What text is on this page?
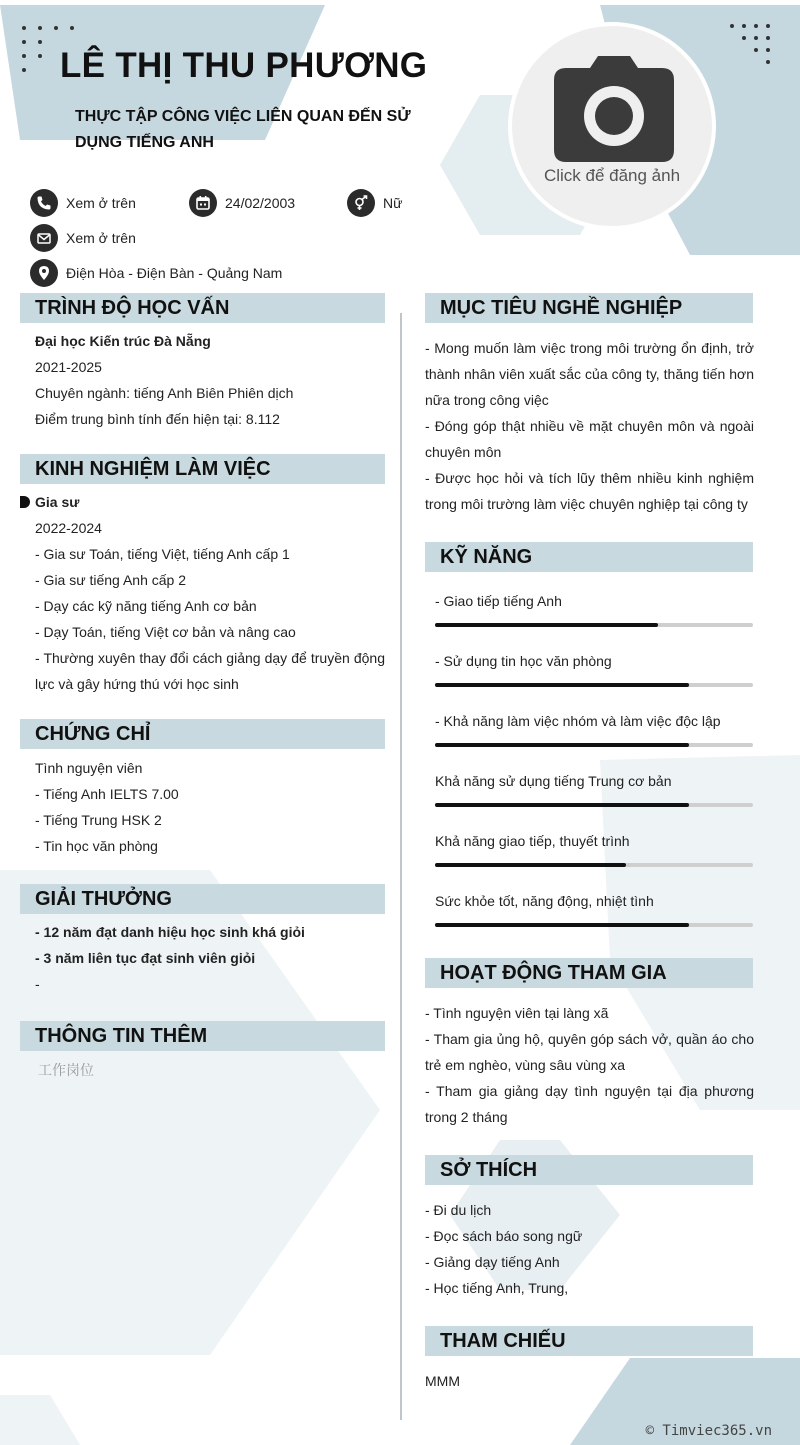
LÊ THỊ THU PHƯƠNG
THỰC TẬP CÔNG VIỆC LIÊN QUAN ĐẾN SỬ DỤNG TIẾNG ANH
Click để đăng ảnh
Xem ở trên	24/02/2003	Nữ
Xem ở trên
Điện Hòa - Điện Bàn - Quảng Nam
TRÌNH ĐỘ HỌC VẤN
Đại học Kiến trúc Đà Nẵng
2021-2025
Chuyên ngành: tiếng Anh Biên Phiên dịch
Điểm trung bình tính đến hiện tại: 8.112
KINH NGHIỆM LÀM VIỆC
Gia sư
2022-2024
- Gia sư Toán, tiếng Việt, tiếng Anh cấp 1
- Gia sư tiếng Anh cấp 2
- Dạy các kỹ năng tiếng Anh cơ bản
- Dạy Toán, tiếng Việt cơ bản và nâng cao
- Thường xuyên thay đổi cách giảng dạy để truyền động lực và gây hứng thú với học sinh
CHỨNG CHỈ
Tình nguyện viên
- Tiếng Anh IELTS 7.00
- Tiếng Trung HSK 2
- Tin học văn phòng
GIẢI THƯỞNG
- 12 năm đạt danh hiệu học sinh khá giỏi
- 3 năm liên tục đạt sinh viên giỏi
-
THÔNG TIN THÊM
工作岗位
MỤC TIÊU NGHỀ NGHIỆP
- Mong muốn làm việc trong môi trường ổn định, trở thành nhân viên xuất sắc của công ty, thăng tiến hơn nữa trong công việc
- Đóng góp thật nhiều về mặt chuyên môn và ngoài chuyên môn
- Được học hỏi và tích lũy thêm nhiều kinh nghiệm trong môi trường làm việc chuyên nghiệp tại công ty
KỸ NĂNG
- Giao tiếp tiếng Anh
- Sử dụng tin học văn phòng
- Khả năng làm việc nhóm và làm việc độc lập
Khả năng sử dụng tiếng Trung cơ bản
Khả năng giao tiếp, thuyết trình
Sức khỏe tốt, năng động, nhiệt tình
HOẠT ĐỘNG THAM GIA
- Tình nguyện viên tại làng xã
- Tham gia ủng hộ, quyên góp sách vở, quần áo cho trẻ em nghèo, vùng sâu vùng xa
- Tham gia giảng dạy tình nguyện tại địa phương trong 2 tháng
SỞ THÍCH
- Đi du lịch
- Đọc sách báo song ngữ
- Giảng dạy tiếng Anh
- Học tiếng Anh, Trung,
THAM CHIẾU
MMM
© Timviec365.vn
